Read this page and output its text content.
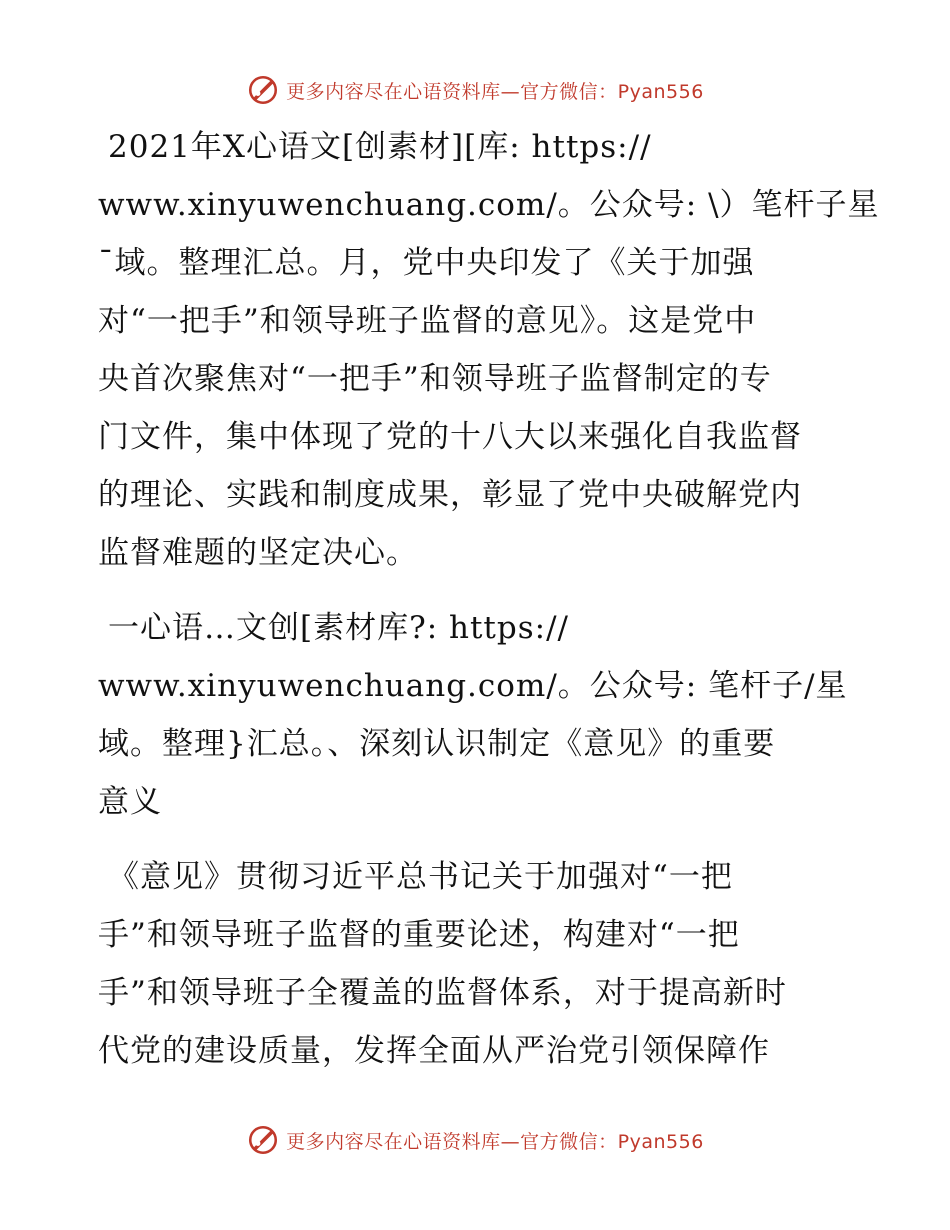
更多内容尽在心语资料库—官方微信：Pyan556
2021年X心语文[创素材][库: https://
www.xinyuwenchuang.com/。公众号: \）笔杆子星
¯域。整理汇总。月，党中央印发了《关于加强
对“一把手”和领导班子监督的意见》。这是党中
央首次聚焦对“一把手”和领导班子监督制定的专
门文件，集中体现了党的十八大以来强化自我监督
的理论、实践和制度成果，彰显了党中央破解党内
监督难题的坚定决心。
一心语…文创[素材库?: https://
www.xinyuwenchuang.com/。公众号: 笔杆子/星
域。整理}汇总。、深刻认识制定《意见》的重要
意义
《意见》贯彻习近平总书记关于加强对“一把
手”和领导班子监督的重要论述，构建对“一把
手”和领导班子全覆盖的监督体系，对于提高新时
代党的建设质量，发挥全面从严治党引领保障作
更多内容尽在心语资料库—官方微信：Pyan556
